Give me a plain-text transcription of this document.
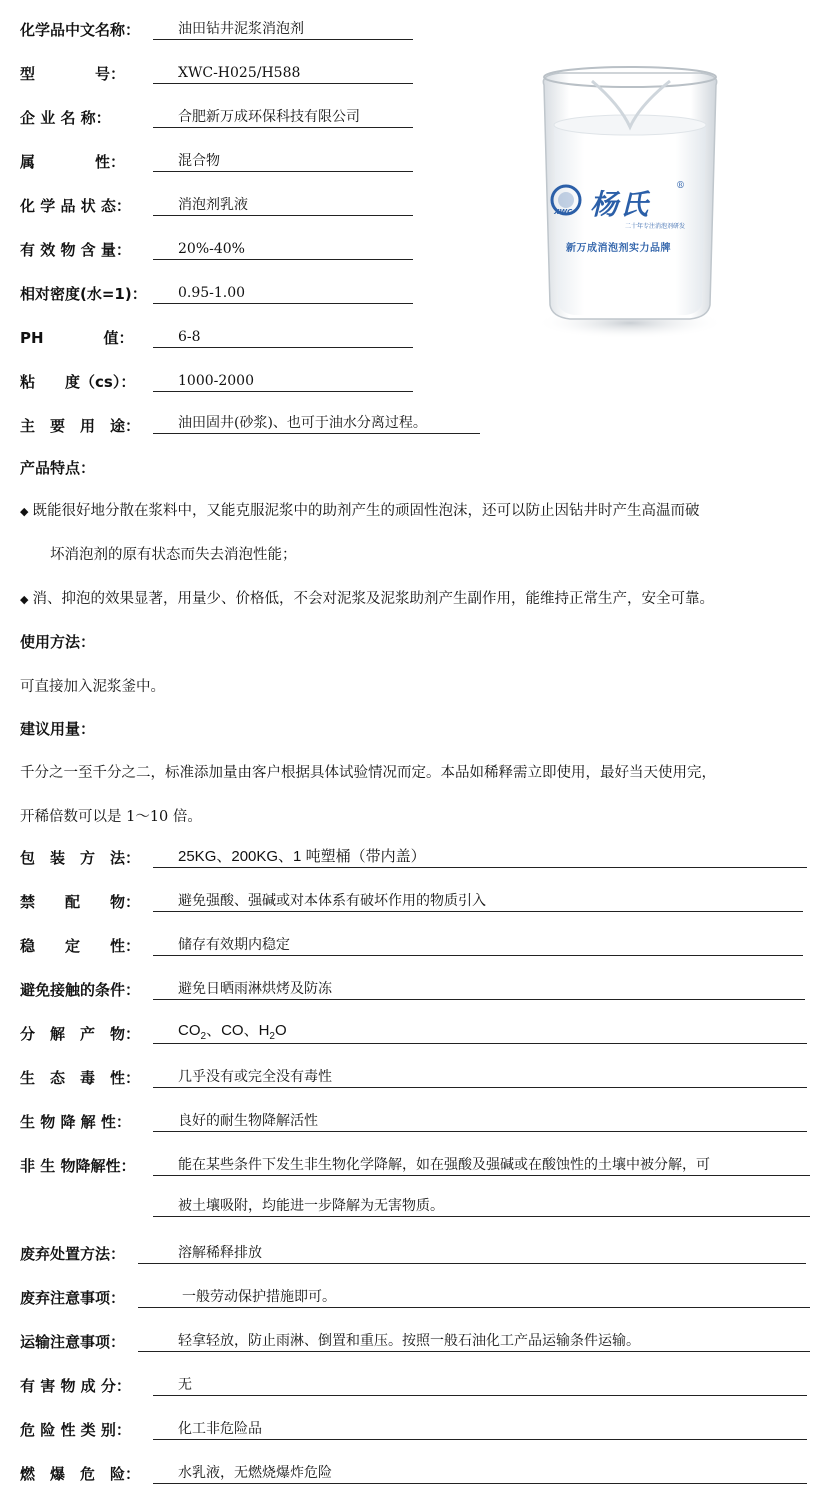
化学品中文名称：	油田钻井泥浆消泡剂
型　　　　号：	XWC-H025/H588
企 业 名 称：	合肥新万成环保科技有限公司
属　　　　性：	混合物
化 学 品 状 态：	消泡剂乳液
有 效 物 含 量：	20%-40%
相对密度(水=1)：	0.95-1.00
PH　　　　值：	6-8
粘　　度（cs）：	1000-2000
主　要　用　途：	油田固井(砂浆)、也可于油水分离过程。
XWC 杨氏
®
二十年专注消泡剂研发
新万成消泡剂实力品牌
产品特点：
◆ 既能很好地分散在浆料中，又能克服泥浆中的助剂产生的顽固性泡沫，还可以防止因钻井时产生高温而破
坏消泡剂的原有状态而失去消泡性能；
◆ 消、抑泡的效果显著，用量少、价格低，不会对泥浆及泥浆助剂产生副作用，能维持正常生产，安全可靠。
使用方法：
可直接加入泥浆釜中。
建议用量：
千分之一至千分之二，标准添加量由客户根据具体试验情况而定。本品如稀释需立即使用，最好当天使用完，
开稀倍数可以是 1～10 倍。
包　装　方　法：	25KG、200KG、1 吨塑桶（带内盖）
禁　　配　　物：	避免强酸、强碱或对本体系有破坏作用的物质引入
稳　　定　　性：	储存有效期内稳定
避免接触的条件：	避免日晒雨淋烘烤及防冻
分　解　产　物：	$CO_2$、CO、$H_2O$
生　态　毒　性：	几乎没有或完全没有毒性
生 物 降 解 性：	良好的耐生物降解活性
非 生 物降解性：	能在某些条件下发生非生物化学降解，如在强酸及强碱或在酸蚀性的土壤中被分解，可
被土壤吸附，均能进一步降解为无害物质。
废弃处置方法：	溶解稀释排放
废弃注意事项：	一般劳动保护措施即可。
运输注意事项：	轻拿轻放，防止雨淋、倒置和重压。按照一般石油化工产品运输条件运输。
有 害 物 成 分：	无
危 险 性 类 别：	化工非危险品
燃　爆　危　险：	水乳液，无燃烧爆炸危险
